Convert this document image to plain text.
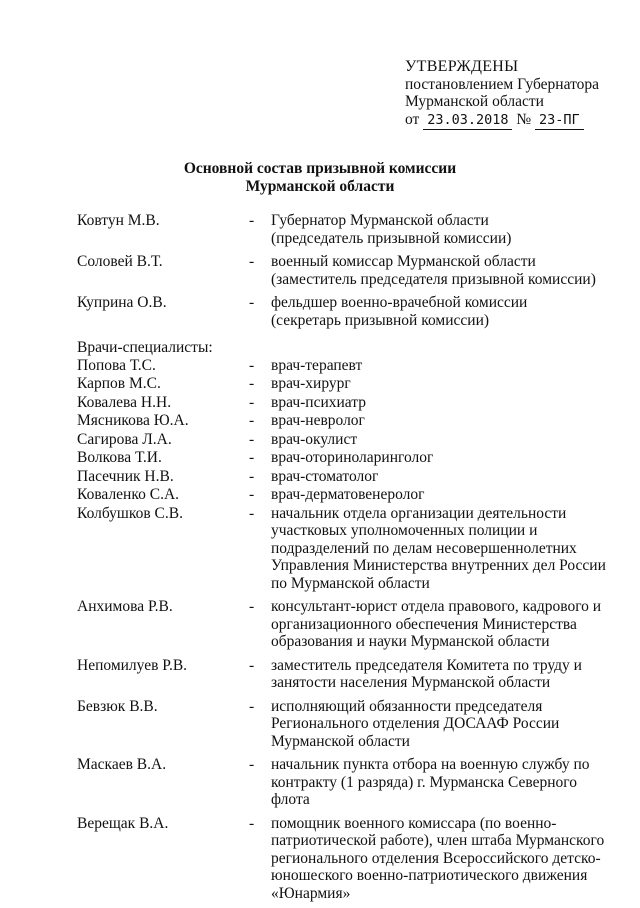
УТВЕРЖДЕНЫ
постановлением Губернатора
Мурманской области
от 23.03.2018 № 23-ПГ
Основной состав призывной комиссии
Мурманской области
Ковтун М.В.	-	Губернатор Мурманской области
(председатель призывной комиссии)
Соловей В.Т.	-	военный комиссар Мурманской области
(заместитель председателя призывной комиссии)
Куприна О.В.	-	фельдшер военно-врачебной комиссии
(секретарь призывной комиссии)
Врачи-специалисты:
Попова Т.С.	-	врач-терапевт
Карпов М.С.	-	врач-хирург
Ковалева Н.Н.	-	врач-психиатр
Мясникова Ю.А.	-	врач-невролог
Сагирова Л.А.	-	врач-окулист
Волкова Т.И.	-	врач-оториноларинголог
Пасечник Н.В.	-	врач-стоматолог
Коваленко С.А.	-	врач-дерматовенеролог
Колбушков С.В.	-	начальник отдела организации деятельности
участковых уполномоченных полиции и
подразделений по делам несовершеннолетних
Управления Министерства внутренних дел России
по Мурманской области
Анхимова Р.В.	-	консультант-юрист отдела правового, кадрового и
организационного обеспечения Министерства
образования и науки Мурманской области
Непомилуев Р.В.	-	заместитель председателя Комитета по труду и
занятости населения Мурманской области
Бевзюк В.В.	-	исполняющий обязанности председателя
Регионального отделения ДОСААФ России
Мурманской области
Маскаев В.А.	-	начальник пункта отбора на военную службу по
контракту (1 разряда) г. Мурманска Северного
флота
Верещак В.А.	-	помощник военного комиссара (по военно-
патриотической работе), член штаба Мурманского
регионального отделения Всероссийского детско-
юношеского военно-патриотического движения
«Юнармия»
